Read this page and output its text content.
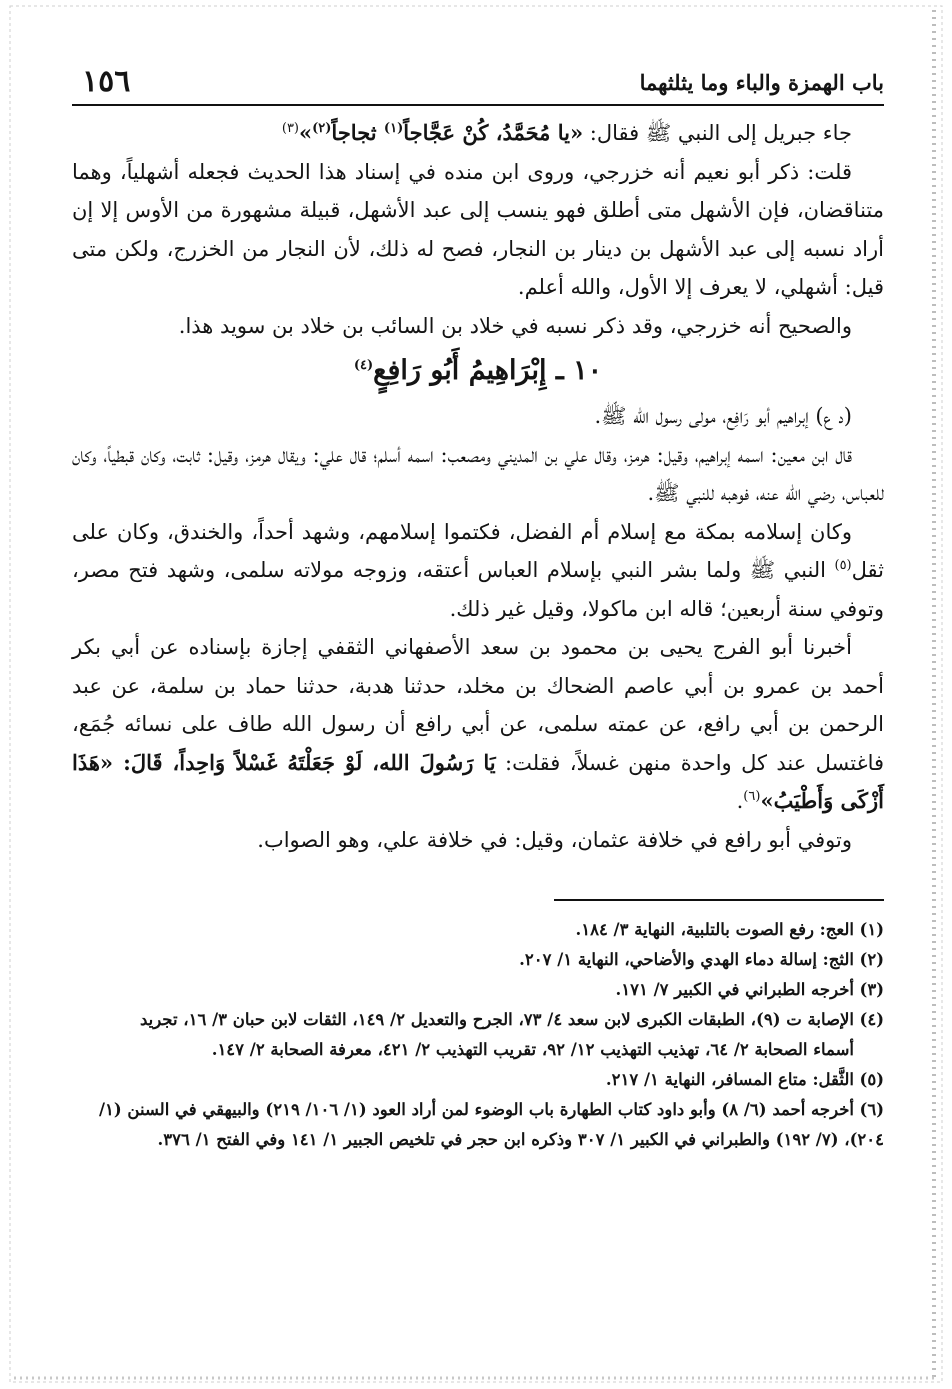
١٥٦	باب الهمزة والباء وما يثلثهما

جاء جبريل إلى النبي ﷺ فقال: «يا مُحَمَّدُ، كُنْ عَجَّاجاً$^{(١)}$ ثجاجاً$^{(٢)}$»$^{(٣)}$

قلت: ذكر أبو نعيم أنه خزرجي، وروى ابن منده في إسناد هذا الحديث فجعله أشهلياً، وهما متناقضان، فإن الأشهل متى أطلق فهو ينسب إلى عبد الأشهل، قبيلة مشهورة من الأوس إلا إن أراد نسبه إلى عبد الأشهل بن دينار بن النجار، فصح له ذلك، لأن النجار من الخزرج، ولكن متى قيل: أشهلي، لا يعرف إلا الأول، والله أعلم.

والصحيح أنه خزرجي، وقد ذكر نسبه في خلاد بن السائب بن خلاد بن سويد هذا.

١٠ ـ إِبْرَاهِيمُ أَبُو رَافِعٍ$^{(٤)}$

(د ع) إبراهيم أبو رَافِع، مولى رسول الله ﷺ.

قال ابن معين: اسمه إبراهيم، وقيل: هرمز، وقال علي بن المديني ومصعب: اسمه أسلم؛ قال علي: ويقال هرمز، وقيل: ثابت، وكان قبطياً، وكان للعباس، رضي الله عنه، فوهبه للنبي ﷺ.

وكان إسلامه بمكة مع إسلام أم الفضل، فكتموا إسلامهم، وشهد أحداً، والخندق، وكان على ثقل$^{(٥)}$ النبي ﷺ ولما بشر النبي بإسلام العباس أعتقه، وزوجه مولاته سلمى، وشهد فتح مصر، وتوفي سنة أربعين؛ قاله ابن ماكولا، وقيل غير ذلك.

أخبرنا أبو الفرج يحيى بن محمود بن سعد الأصفهاني الثقفي إجازة بإسناده عن أبي بكر أحمد بن عمرو بن أبي عاصم الضحاك بن مخلد، حدثنا هدبة، حدثنا حماد بن سلمة، عن عبد الرحمن بن أبي رافع، عن عمته سلمى، عن أبي رافع أن رسول الله طاف على نسائه جُمَع، فاغتسل عند كل واحدة منهن غسلاً، فقلت: يَا رَسُولَ الله، لَوْ جَعَلْتَهُ غَسْلاً وَاحِداً، قَالَ: «هَذَا أَزْكَى وَأَطْيَبُ»$^{(٦)}$.

وتوفي أبو رافع في خلافة عثمان، وقيل: في خلافة علي، وهو الصواب.

(١)العج: رفع الصوت بالتلبية، النهاية ٣/ ١٨٤.

(٢)الثج: إسالة دماء الهدي والأضاحي، النهاية ١/ ٢٠٧.

(٣)أخرجه الطبراني في الكبير ٧/ ١٧١.

(٤)الإصابة ت (٩)، الطبقات الكبرى لابن سعد ٤/ ٧٣، الجرح والتعديل ٢/ ١٤٩، الثقات لابن حبان ٣/ ١٦، تجريد
أسماء الصحابة ٢/ ٦٤، تهذيب التهذيب ١٢/ ٩٢، تقريب التهذيب ٢/ ٤٢١، معرفة الصحابة ٢/ ١٤٧.

(٥)الثَّقل: متاع المسافر، النهاية ١/ ٢١٧.

(٦)أخرجه أحمد (٦/ ٨) وأبو داود كتاب الطهارة باب الوضوء لمن أراد العود (١/ ١٠٦/ ٢١٩) والبيهقي في السنن (١/ ٢٠٤)، (٧/ ١٩٢) والطبراني في الكبير ١/ ٣٠٧ وذكره ابن حجر في تلخيص الجبير ١/ ١٤١ وفي الفتح ١/ ٣٧٦.
